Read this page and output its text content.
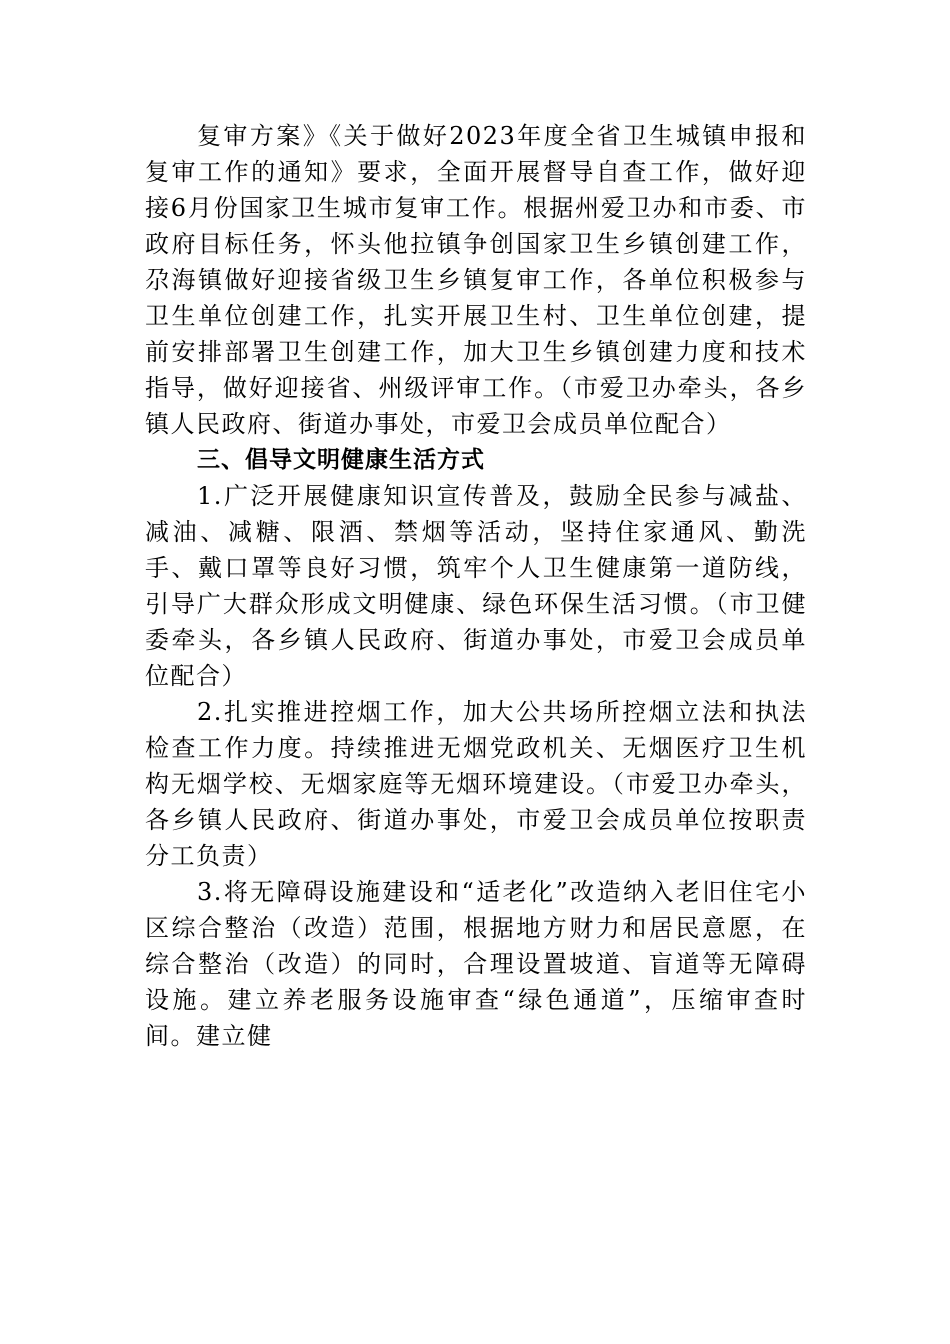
复审方案》《关于做好2023年度全省卫生城镇申报和复审工作的通知》要求，全面开展督导自查工作，做好迎接6月份国家卫生城市复审工作。根据州爱卫办和市委、市政府目标任务，怀头他拉镇争创国家卫生乡镇创建工作，尕海镇做好迎接省级卫生乡镇复审工作，各单位积极参与卫生单位创建工作，扎实开展卫生村、卫生单位创建，提前安排部署卫生创建工作，加大卫生乡镇创建力度和技术指导，做好迎接省、州级评审工作。（市爱卫办牵头，各乡镇人民政府、街道办事处，市爱卫会成员单位配合）

三、倡导文明健康生活方式

1.广泛开展健康知识宣传普及，鼓励全民参与减盐、减油、减糖、限酒、禁烟等活动，坚持住家通风、勤洗手、戴口罩等良好习惯，筑牢个人卫生健康第一道防线，引导广大群众形成文明健康、绿色环保生活习惯。（市卫健委牵头，各乡镇人民政府、街道办事处，市爱卫会成员单位配合）

2.扎实推进控烟工作，加大公共场所控烟立法和执法检查工作力度。持续推进无烟党政机关、无烟医疗卫生机构无烟学校、无烟家庭等无烟环境建设。（市爱卫办牵头，各乡镇人民政府、街道办事处，市爱卫会成员单位按职责分工负责）

3.将无障碍设施建设和“适老化”改造纳入老旧住宅小区综合整治（改造）范围，根据地方财力和居民意愿，在综合整治（改造）的同时，合理设置坡道、盲道等无障碍设施。建立养老服务设施审查“绿色通道”，压缩审查时间。建立健
